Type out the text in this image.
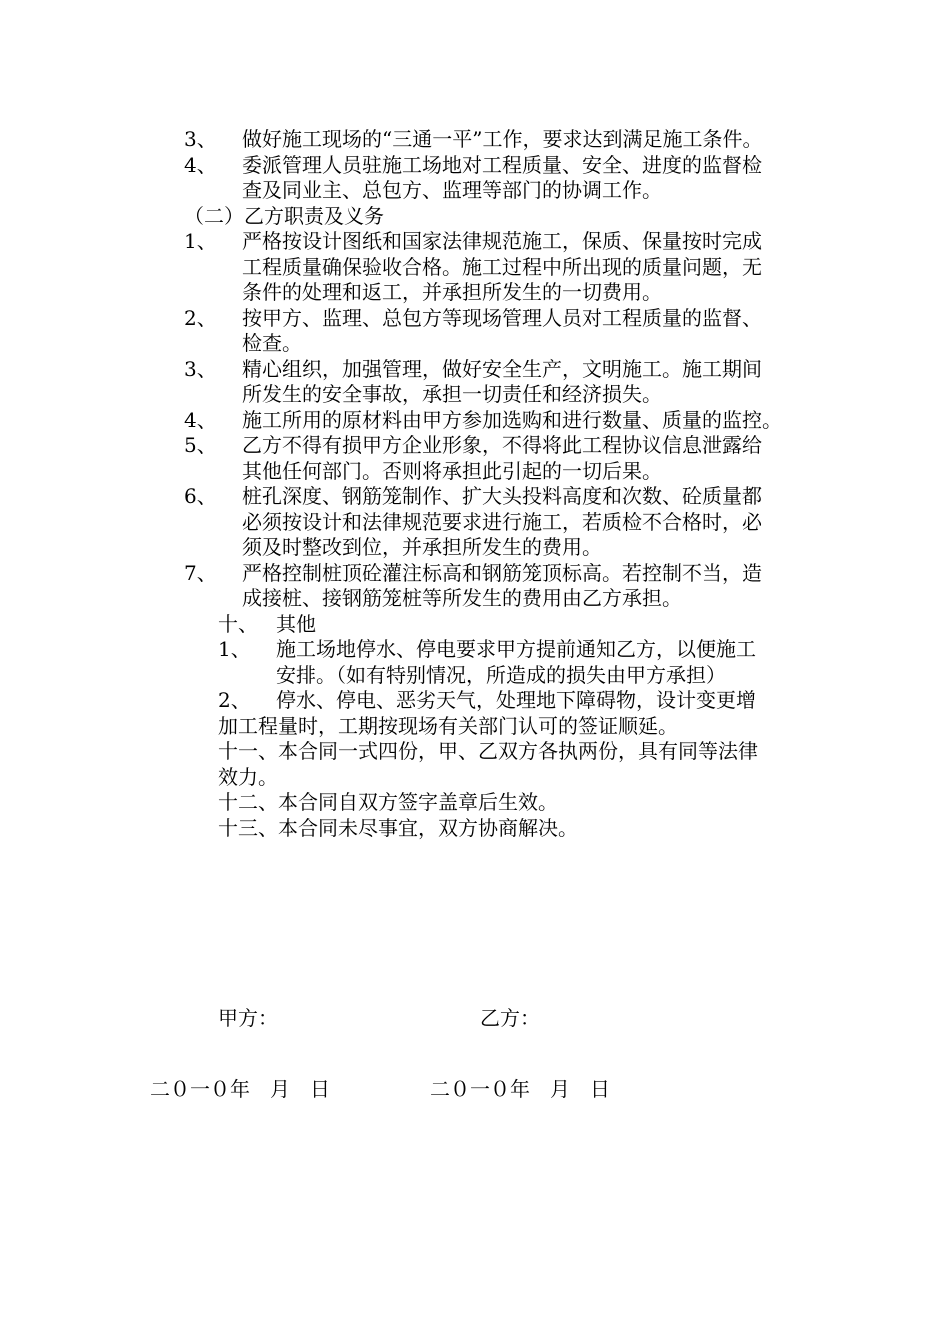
3、 做好施工现场的“三通一平”工作，要求达到满足施工条件。
4、 委派管理人员驻施工场地对工程质量、安全、进度的监督检
查及同业主、总包方、监理等部门的协调工作。
（二）乙方职责及义务
1、 严格按设计图纸和国家法律规范施工，保质、保量按时完成
工程质量确保验收合格。施工过程中所出现的质量问题，无
条件的处理和返工，并承担所发生的一切费用。
2、 按甲方、监理、总包方等现场管理人员对工程质量的监督、
检查。
3、 精心组织，加强管理，做好安全生产，文明施工。施工期间
所发生的安全事故，承担一切责任和经济损失。
4、 施工所用的原材料由甲方参加选购和进行数量、质量的监控。
5、 乙方不得有损甲方企业形象，不得将此工程协议信息泄露给
其他任何部门。否则将承担此引起的一切后果。
6、 桩孔深度、钢筋笼制作、扩大头投料高度和次数、砼质量都
必须按设计和法律规范要求进行施工，若质检不合格时，必
须及时整改到位，并承担所发生的费用。
7、 严格控制桩顶砼灌注标高和钢筋笼顶标高。若控制不当，造
成接桩、接钢筋笼桩等所发生的费用由乙方承担。
十、 其他
1、 施工场地停水、停电要求甲方提前通知乙方，以便施工
安排。（如有特别情况，所造成的损失由甲方承担）
2、 停水、停电、恶劣天气，处理地下障碍物，设计变更增
加工程量时，工期按现场有关部门认可的签证顺延。
十一、本合同一式四份，甲、乙双方各执两份，具有同等法律
效力。
十二、本合同自双方签字盖章后生效。
十三、本合同未尽事宜，双方协商解决。
甲方：	乙方：
二０一０年　月　日	二０一０年　月　日
